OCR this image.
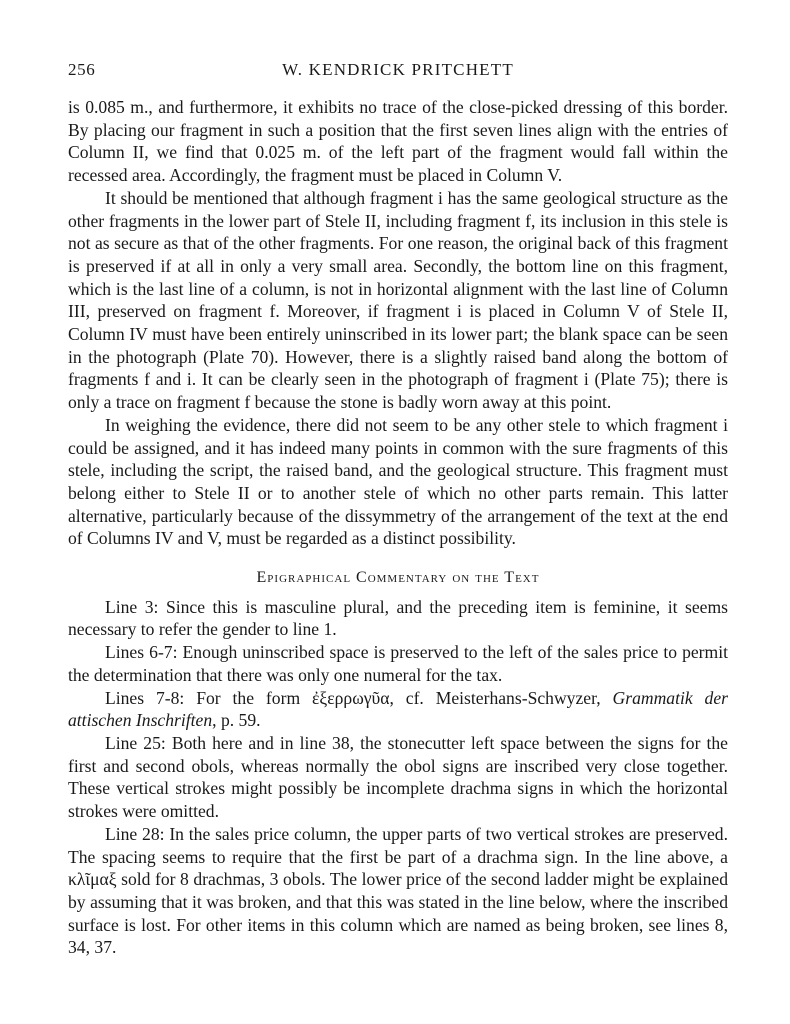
256	W. KENDRICK PRITCHETT

is 0.085 m., and furthermore, it exhibits no trace of the close-picked dressing of this border. By placing our fragment in such a position that the first seven lines align with the entries of Column II, we find that 0.025 m. of the left part of the fragment would fall within the recessed area. Accordingly, the fragment must be placed in Column V.

It should be mentioned that although fragment i has the same geological structure as the other fragments in the lower part of Stele II, including fragment f, its inclusion in this stele is not as secure as that of the other fragments. For one reason, the original back of this fragment is preserved if at all in only a very small area. Secondly, the bottom line on this fragment, which is the last line of a column, is not in horizontal alignment with the last line of Column III, preserved on fragment f. Moreover, if fragment i is placed in Column V of Stele II, Column IV must have been entirely uninscribed in its lower part; the blank space can be seen in the photograph (Plate 70). However, there is a slightly raised band along the bottom of fragments f and i. It can be clearly seen in the photograph of fragment i (Plate 75); there is only a trace on fragment f because the stone is badly worn away at this point.

In weighing the evidence, there did not seem to be any other stele to which fragment i could be assigned, and it has indeed many points in common with the sure fragments of this stele, including the script, the raised band, and the geological structure. This fragment must belong either to Stele II or to another stele of which no other parts remain. This latter alternative, particularly because of the dissymmetry of the arrangement of the text at the end of Columns IV and V, must be regarded as a distinct possibility.

Epigraphical Commentary on the Text

Line 3: Since this is masculine plural, and the preceding item is feminine, it seems necessary to refer the gender to line 1.

Lines 6-7: Enough uninscribed space is preserved to the left of the sales price to permit the determination that there was only one numeral for the tax.

Lines 7-8: For the form ἐξερρωγῦα, cf. Meisterhans-Schwyzer, Grammatik der attischen Inschriften, p. 59.

Line 25: Both here and in line 38, the stonecutter left space between the signs for the first and second obols, whereas normally the obol signs are inscribed very close together. These vertical strokes might possibly be incomplete drachma signs in which the horizontal strokes were omitted.

Line 28: In the sales price column, the upper parts of two vertical strokes are preserved. The spacing seems to require that the first be part of a drachma sign. In the line above, a κλῖμαξ sold for 8 drachmas, 3 obols. The lower price of the second ladder might be explained by assuming that it was broken, and that this was stated in the line below, where the inscribed surface is lost. For other items in this column which are named as being broken, see lines 8, 34, 37.
